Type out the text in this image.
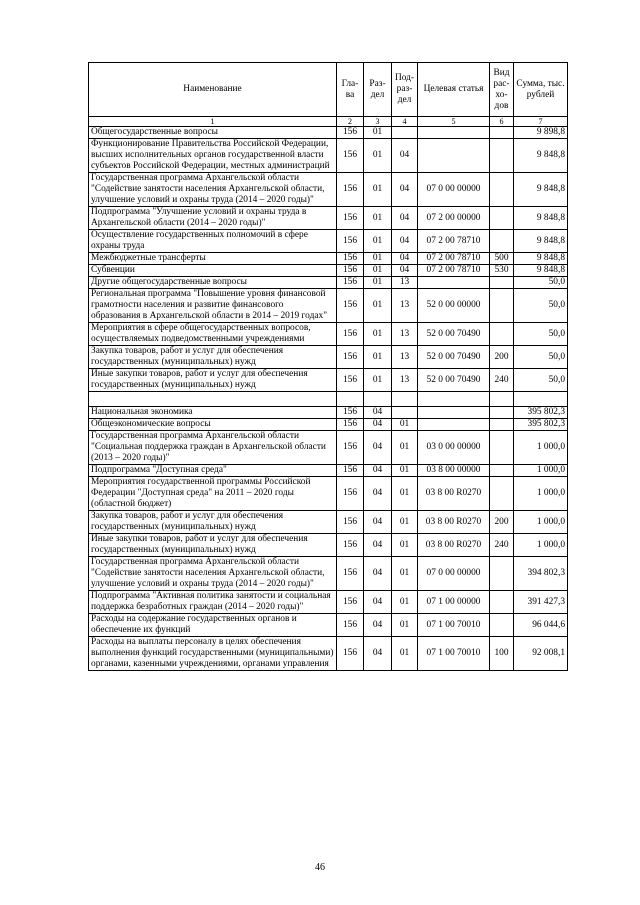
Наименование	Гла-ва	Раз-дел	Под-раз-дел	Целевая статья	Вид рас-хо-дов	Сумма, тыс. рублей
1	2	3	4	5	6	7
Общегосударственные вопросы	156	01				9 898,8
Функционирование Правительства Российской Федерации, высших исполнительных органов государственной власти субъектов Российской Федерации, местных администраций	156	01	04			9 848,8
Государственная программа Архангельской области "Содействие занятости населения Архангельской области, улучшение условий и охраны труда (2014 – 2020 годы)"	156	01	04	07 0 00 00000		9 848,8
Подпрограмма "Улучшение условий и охраны труда в Архангельской области (2014 – 2020 годы)"	156	01	04	07 2 00 00000		9 848,8
Осуществление государственных полномочий в сфере охраны труда	156	01	04	07 2 00 78710		9 848,8
Межбюджетные трансферты	156	01	04	07 2 00 78710	500	9 848,8
Субвенции	156	01	04	07 2 00 78710	530	9 848,8
Другие общегосударственные вопросы	156	01	13			50,0
Региональная программа "Повышение уровня финансовой грамотности населения и развитие финансового образования в Архангельской области в 2014 – 2019 годах"	156	01	13	52 0 00 00000		50,0
Мероприятия в сфере общегосударственных вопросов, осуществляемых подведомственными учреждениями	156	01	13	52 0 00 70490		50,0
Закупка товаров, работ и услуг для обеспечения государственных (муниципальных) нужд	156	01	13	52 0 00 70490	200	50,0
Иные закупки товаров, работ и услуг для обеспечения государственных (муниципальных) нужд	156	01	13	52 0 00 70490	240	50,0

Национальная экономика	156	04				395 802,3
Общеэкономические вопросы	156	04	01			395 802,3
Государственная программа Архангельской области "Социальная поддержка граждан в Архангельской области (2013 – 2020 годы)"	156	04	01	03 0 00 00000		1 000,0
Подпрограмма "Доступная среда"	156	04	01	03 8 00 00000		1 000,0
Мероприятия государственной программы Российской Федерации "Доступная среда" на 2011 – 2020 годы (областной бюджет)	156	04	01	03 8 00 R0270		1 000,0
Закупка товаров, работ и услуг для обеспечения государственных (муниципальных) нужд	156	04	01	03 8 00 R0270	200	1 000,0
Иные закупки товаров, работ и услуг для обеспечения государственных (муниципальных) нужд	156	04	01	03 8 00 R0270	240	1 000,0
Государственная программа Архангельской области "Содействие занятости населения Архангельской области, улучшение условий и охраны труда (2014 – 2020 годы)"	156	04	01	07 0 00 00000		394 802,3
Подпрограмма "Активная политика занятости и социальная поддержка безработных граждан (2014 – 2020 годы)"	156	04	01	07 1 00 00000		391 427,3
Расходы на содержание государственных органов и обеспечение их функций	156	04	01	07 1 00 70010		96 044,6
Расходы на выплаты персоналу в целях обеспечения выполнения функций государственными (муниципальными) органами, казенными учреждениями, органами управления	156	04	01	07 1 00 70010	100	92 008,1
46
